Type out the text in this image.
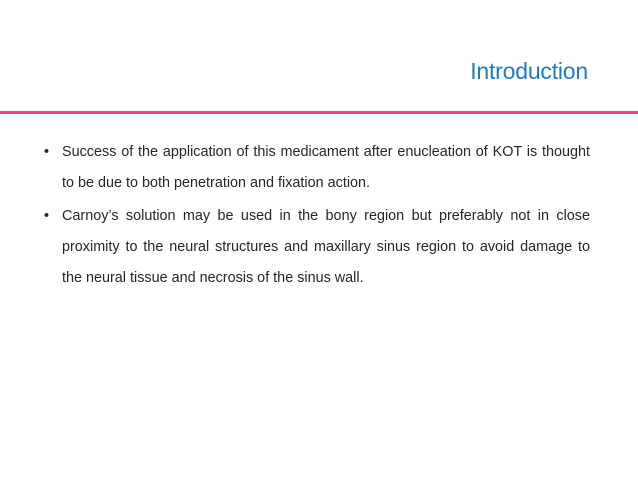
Introduction
• Success of the application of this medicament after enucleation of KOT is thought to be due to both penetration and fixation action.
• Carnoy’s solution may be used in the bony region but preferably not in close proximity to the neural structures and maxillary sinus region to avoid damage to the neural tissue and necrosis of the sinus wall.
